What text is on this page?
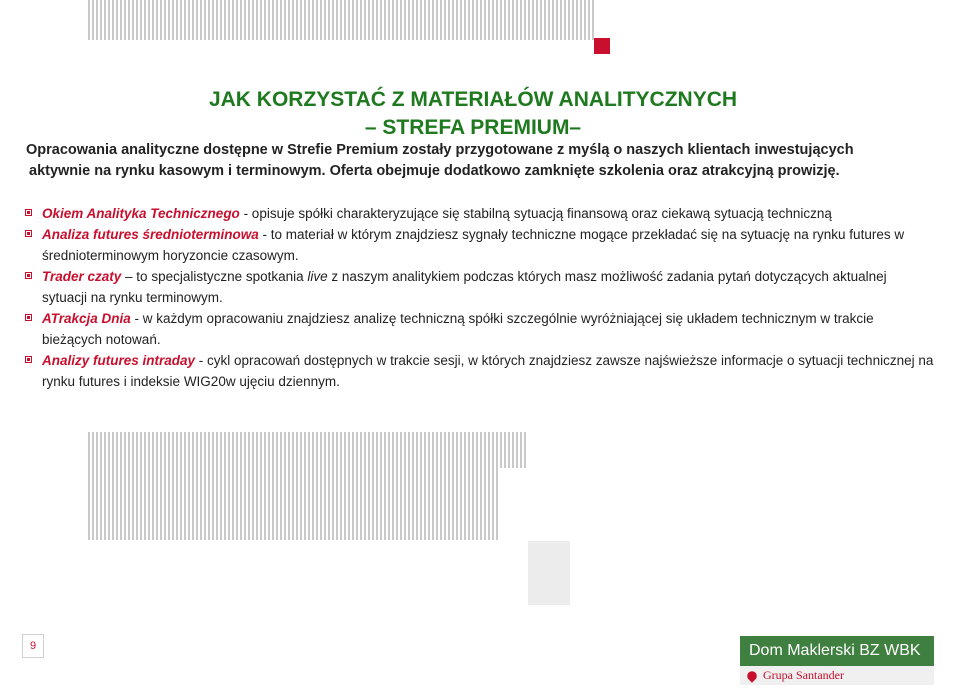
JAK KORZYSTAĆ Z MATERIAŁÓW ANALITYCZNYCH
– STREFA PREMIUM–
Opracowania analityczne dostępne w Strefie Premium zostały przygotowane z myślą o naszych klientach inwestujących
aktywnie na rynku kasowym i terminowym. Oferta obejmuje dodatkowo zamknięte szkolenia oraz atrakcyjną prowizję.
Okiem Analityka Technicznego - opisuje spółki charakteryzujące się stabilną sytuacją finansową oraz ciekawą sytuacją techniczną
Analiza futures średnioterminowa - to materiał w którym znajdziesz sygnały techniczne mogące przekładać się na sytuację na rynku futures w średnioterminowym horyzoncie czasowym.
Trader czaty – to specjalistyczne spotkania live z naszym analitykiem podczas których masz możliwość zadania pytań dotyczących aktualnej sytuacji na rynku terminowym.
ATrakcja Dnia - w każdym opracowaniu znajdziesz analizę techniczną spółki szczególnie wyróżniającej się układem technicznym w trakcie bieżących notowań.
Analizy futures intraday - cykl opracowań dostępnych w trakcie sesji, w których znajdziesz zawsze najświeższe informacje o sytuacji technicznej na rynku futures i indeksie WIG20w ujęciu dziennym.
9	Dom Maklerski BZ WBK
Grupa Santander
